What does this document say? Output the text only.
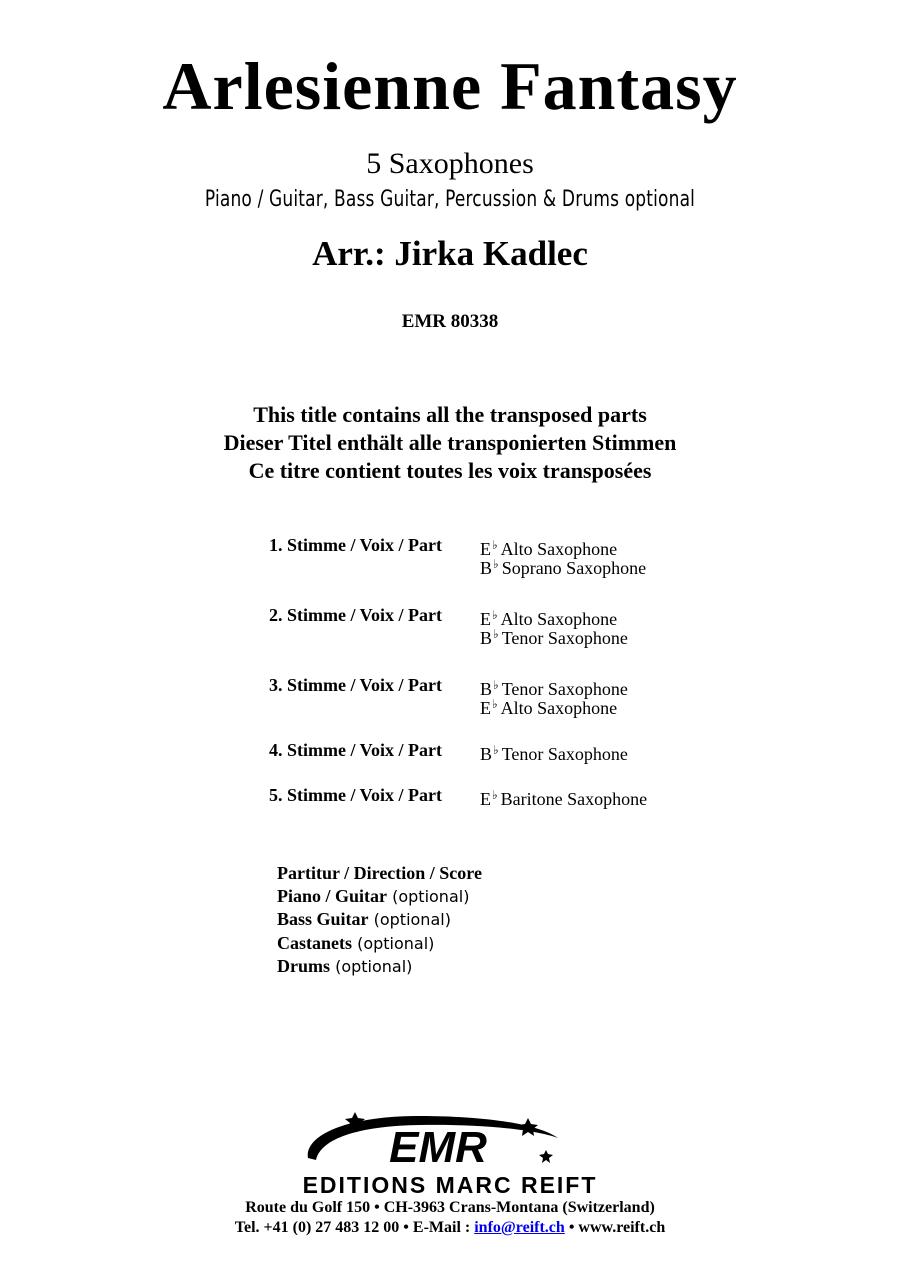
Arlesienne Fantasy
5 Saxophones
Piano / Guitar, Bass Guitar, Percussion & Drums optional
Arr.: Jirka Kadlec
EMR 80338
This title contains all the transposed parts
Dieser Titel enthält alle transponierten Stimmen
Ce titre contient toutes les voix transposées
1. Stimme / Voix / Part E♭ Alto Saxophone
B♭ Soprano Saxophone
2. Stimme / Voix / Part E♭ Alto Saxophone
B♭ Tenor Saxophone
3. Stimme / Voix / Part B♭ Tenor Saxophone
E♭ Alto Saxophone
4. Stimme / Voix / Part B♭ Tenor Saxophone
5. Stimme / Voix / Part E♭ Baritone Saxophone
Partitur / Direction / Score
Piano / Guitar (optional)
Bass Guitar (optional)
Castanets (optional)
Drums (optional)
EMR
EDITIONS MARC REIFT
Route du Golf 150 • CH-3963 Crans-Montana (Switzerland)
Tel. +41 (0) 27 483 12 00 • E-Mail : info@reift.ch • www.reift.ch
